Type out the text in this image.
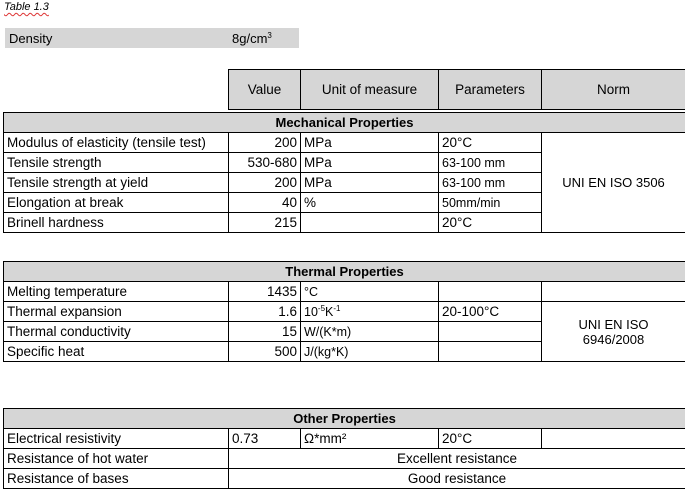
Table 1.3
Density	$8g/cm^3$
Value	Unit of measure	Parameters	Norm
Mechanical Properties				
Modulus of elasticity (tensile test)	200	MPa	20°C	UNI EN ISO 3506
Tensile strength	530-680	MPa	63-100 mm	
Tensile strength at yield	200	MPa	63-100 mm	
Elongation at break	40	%	50mm/min	
Brinell hardness	215		20°C	
Thermal Properties				
Melting temperature	1435	°C		
Thermal expansion	1.6	$10^{-5}K^{-1}$	20-100°C	UNI EN ISO
6946/2008

Thermal conductivity	15	W/(K*m)		
Specific heat	500	J/(kg*K)		
Other Properties				
Electrical resistivity	0.73	Ω*mm²	20°C	
Resistance of hot water	Excellent resistance			
Resistance of bases	Good resistance			
